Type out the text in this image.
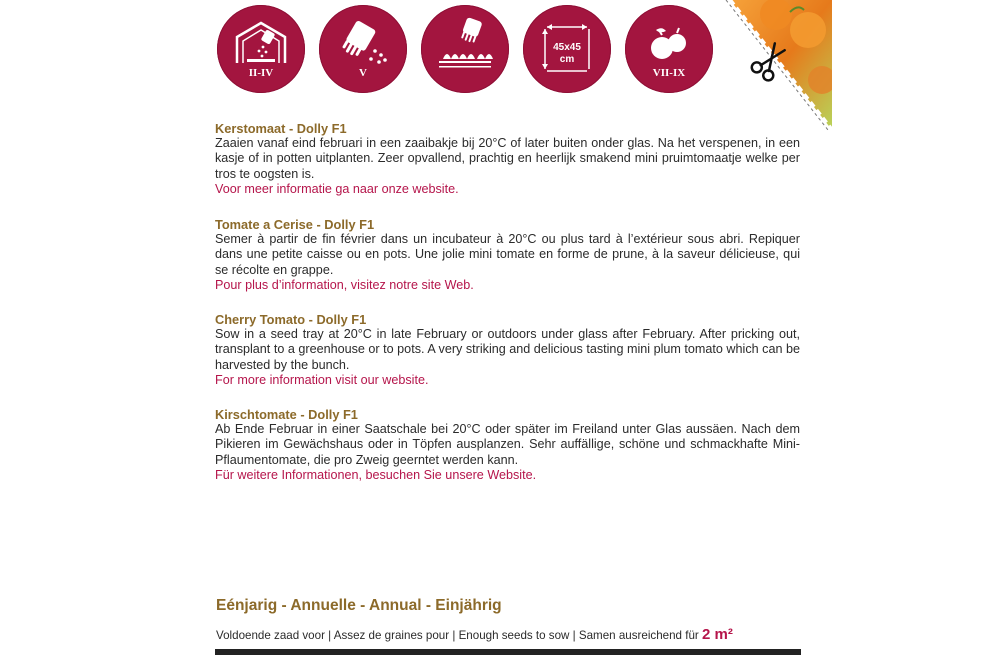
II-IV	V
45x45
cm
VII-IX
Kerstomaat - Dolly F1

Zaaien vanaf eind februari in een zaaibakje bij 20°C of later buiten onder glas. Na het verspenen, in een kasje of in potten uitplanten. Zeer opvallend, prachtig en heerlijk smakend mini pruimtomaatje welke per tros te oogsten is.

Voor meer informatie ga naar onze website.

Tomate a Cerise - Dolly F1

Semer à partir de fin février dans un incubateur à 20°C ou plus tard à l’extérieur sous abri. Repiquer dans une petite caisse ou en pots. Une jolie mini tomate en forme de prune, à la saveur délicieuse, qui se récolte en grappe.

Pour plus d’information, visitez notre site Web.

Cherry Tomato - Dolly F1

Sow in a seed tray at 20°C in late February or outdoors under glass after February. After pricking out, transplant to a greenhouse or to pots. A very striking and delicious tasting mini plum tomato which can be harvested by the bunch.

For more information visit our website.

Kirschtomate - Dolly F1

Ab Ende Februar in einer Saatschale bei 20°C oder später im Freiland unter Glas aussäen. Nach dem Pikieren im Gewächshaus oder in Töpfen ausplanzen. Sehr auffällige, schöne und schmackhafte Mini-Pflaumentomate, die pro Zweig geerntet werden kann.

Für weitere Informationen, besuchen Sie unsere Website.

Eénjarig - Annuelle - Annual - Einjährig
Voldoende zaad voor | Assez de graines pour | Enough seeds to sow | Samen ausreichend für 2 m²
